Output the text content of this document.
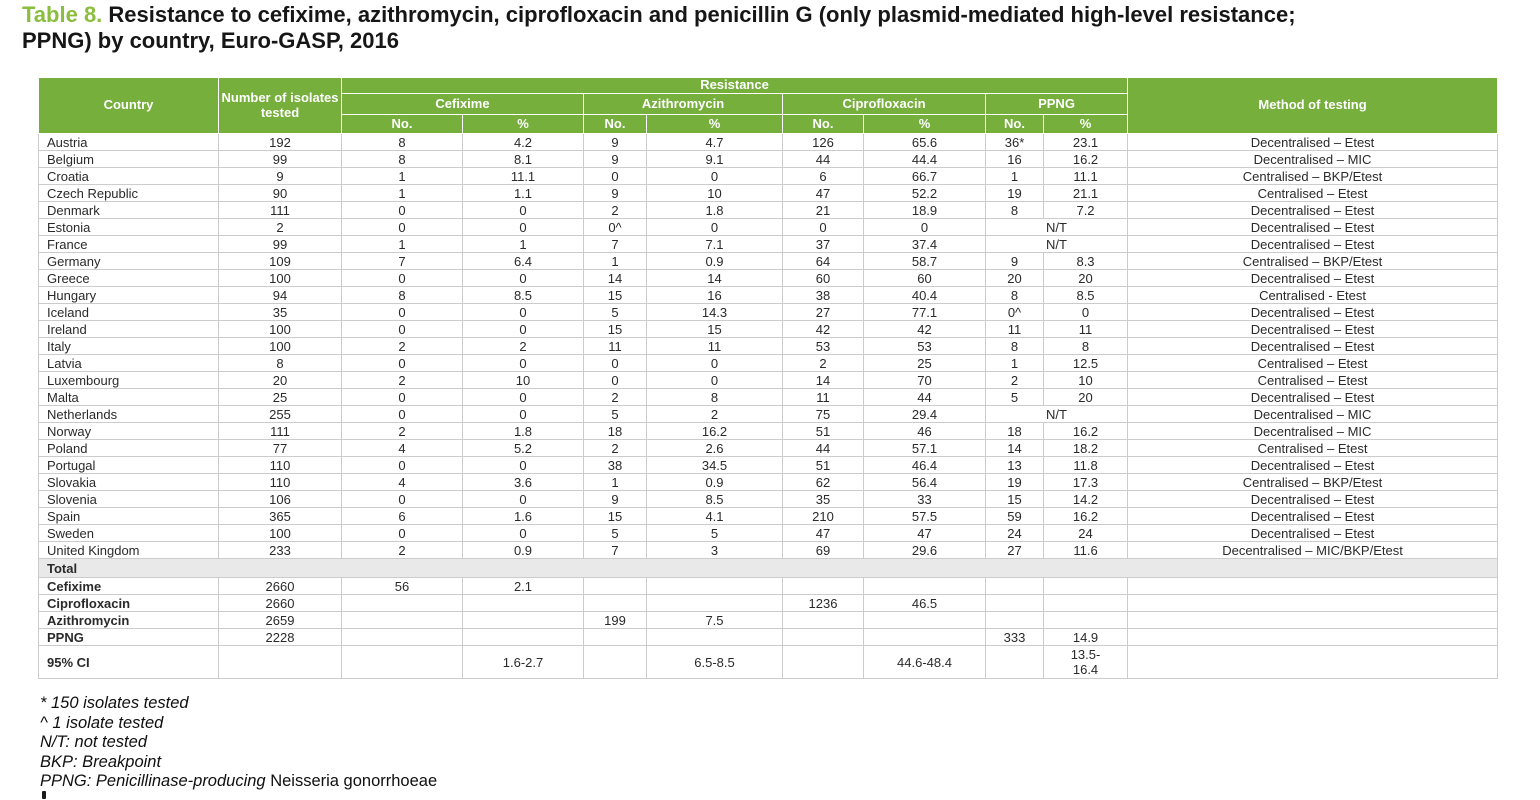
Table 8. Resistance to cefixime, azithromycin, ciprofloxacin and penicillin G (only plasmid-mediated high-level resistance; PPNG) by country, Euro-GASP, 2016
Country	Number of isolates tested	Resistance								Method of testing
		Cefixime		Azithromycin		Ciprofloxacin		PPNG		
		No.	%	No.	%	No.	%	No.	%	
Austria	192	8	4.2	9	4.7	126	65.6	36*	23.1	Decentralised – Etest
Belgium	99	8	8.1	9	9.1	44	44.4	16	16.2	Decentralised – MIC
Croatia	9	1	11.1	0	0	6	66.7	1	11.1	Centralised – BKP/Etest
Czech Republic	90	1	1.1	9	10	47	52.2	19	21.1	Centralised – Etest
Denmark	111	0	0	2	1.8	21	18.9	8	7.2	Decentralised – Etest
Estonia	2	0	0	0^	0	0	0	N/T		Decentralised – Etest
France	99	1	1	7	7.1	37	37.4	N/T		Decentralised – Etest
Germany	109	7	6.4	1	0.9	64	58.7	9	8.3	Centralised – BKP/Etest
Greece	100	0	0	14	14	60	60	20	20	Decentralised – Etest
Hungary	94	8	8.5	15	16	38	40.4	8	8.5	Centralised - Etest
Iceland	35	0	0	5	14.3	27	77.1	0^	0	Decentralised – Etest
Ireland	100	0	0	15	15	42	42	11	11	Decentralised – Etest
Italy	100	2	2	11	11	53	53	8	8	Decentralised – Etest
Latvia	8	0	0	0	0	2	25	1	12.5	Centralised – Etest
Luxembourg	20	2	10	0	0	14	70	2	10	Centralised – Etest
Malta	25	0	0	2	8	11	44	5	20	Decentralised – Etest
Netherlands	255	0	0	5	2	75	29.4	N/T		Decentralised – MIC
Norway	111	2	1.8	18	16.2	51	46	18	16.2	Decentralised – MIC
Poland	77	4	5.2	2	2.6	44	57.1	14	18.2	Centralised – Etest
Portugal	110	0	0	38	34.5	51	46.4	13	11.8	Decentralised – Etest
Slovakia	110	4	3.6	1	0.9	62	56.4	19	17.3	Centralised – BKP/Etest
Slovenia	106	0	0	9	8.5	35	33	15	14.2	Decentralised – Etest
Spain	365	6	1.6	15	4.1	210	57.5	59	16.2	Decentralised – Etest
Sweden	100	0	0	5	5	47	47	24	24	Decentralised – Etest
United Kingdom	233	2	0.9	7	3	69	29.6	27	11.6	Decentralised – MIC/BKP/Etest
Total										
Cefixime	2660	56	2.1							
Ciprofloxacin	2660					1236	46.5			
Azithromycin	2659			199	7.5					
PPNG	2228							333	14.9	
95% CI			1.6-2.7		6.5-8.5		44.6-48.4		13.5-16.4	
* 150 isolates tested
^ 1 isolate tested
N/T: not tested
BKP: Breakpoint
PPNG: Penicillinase-producing Neisseria gonorrhoeae
